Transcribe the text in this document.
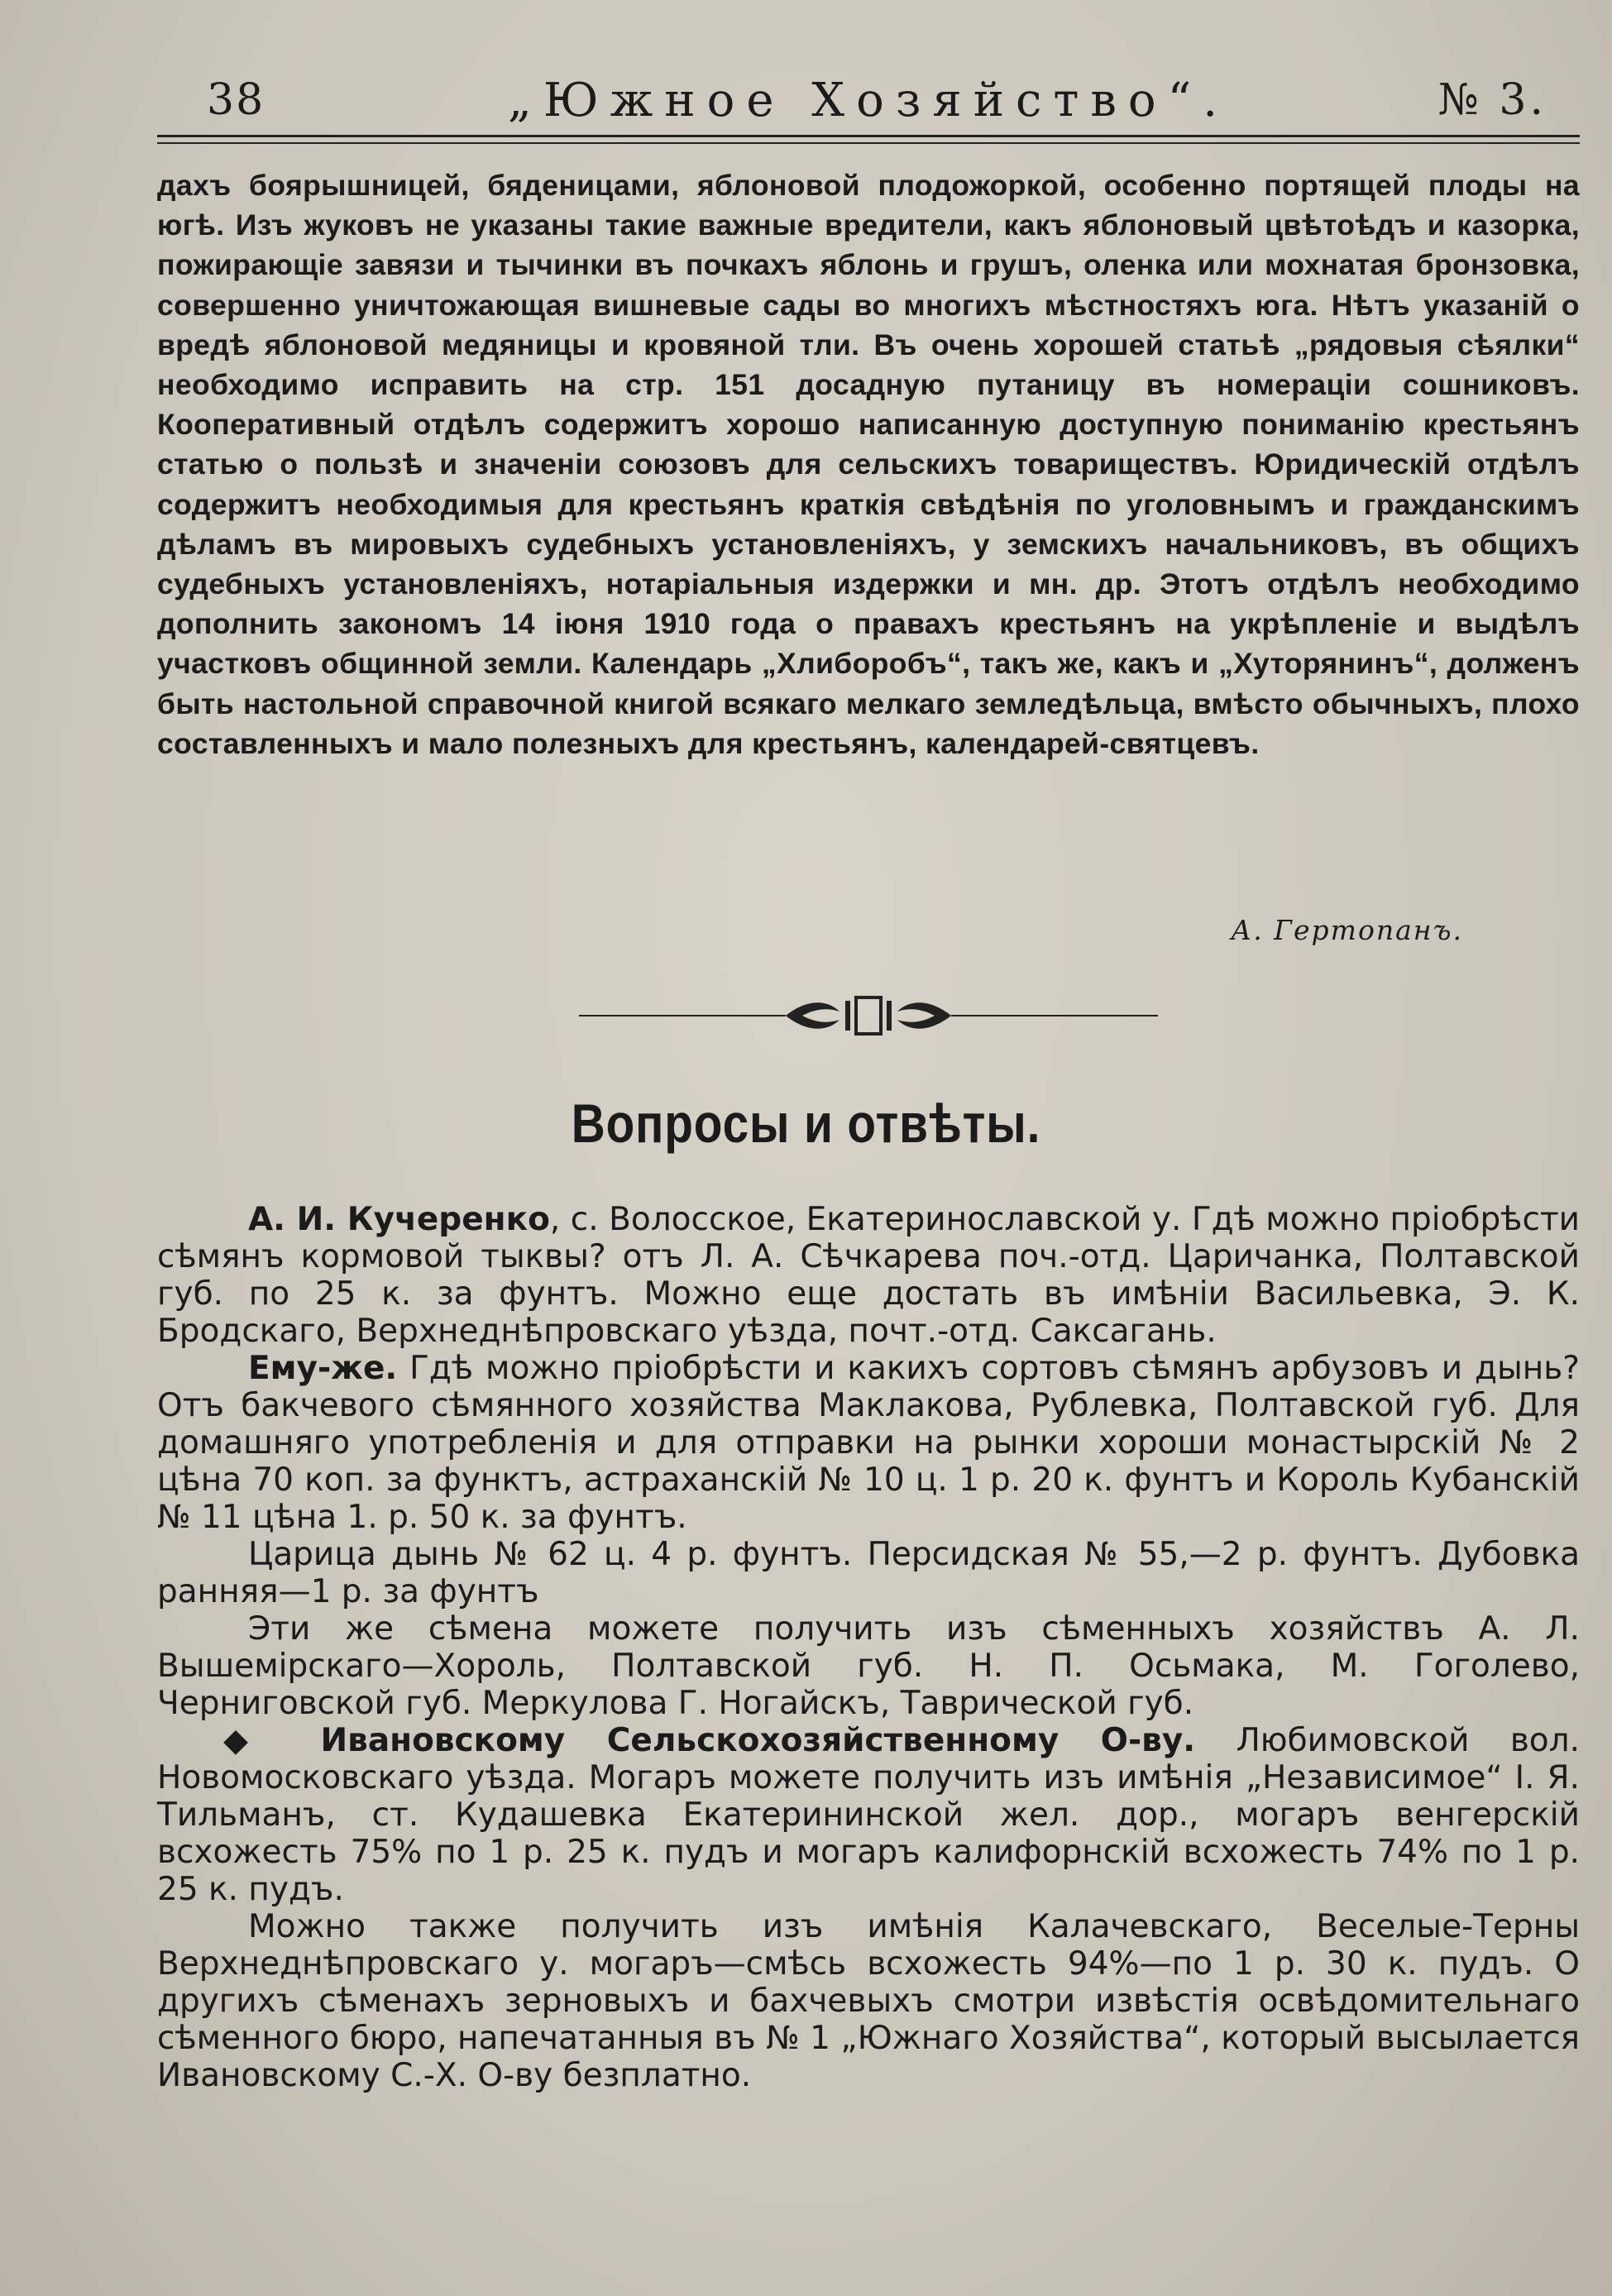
38	„Южное Хозяйство“.	№ 3.

дахъ боярышницей, бяденицами, яблоновой плодожоркой, особенно портящей плоды на югѣ. Изъ жуковъ не указаны такие важные вредители, какъ яблоновый цвѣтоѣдъ и казорка, пожирающіе завязи и тычинки въ почкахъ яблонь и грушъ, оленка или мохнатая бронзовка, совершенно уничтожающая вишневые сады во многихъ мѣстностяхъ юга. Нѣтъ указаній о вредѣ яблоновой медяницы и кровяной тли. Въ очень хорошей статьѣ „рядовыя сѣялки“ необходимо исправить на стр. 151 досадную путаницу въ номераціи сошниковъ. Кооперативный отдѣлъ содержитъ хорошо написанную доступную пониманію крестьянъ статью о пользѣ и значеніи союзовъ для сельскихъ товариществъ. Юридическій отдѣлъ содержитъ необходимыя для крестьянъ краткія свѣдѣнія по уголовнымъ и гражданскимъ дѣламъ въ мировыхъ судебныхъ установленіяхъ, у земскихъ начальниковъ, въ общихъ судебныхъ установленіяхъ, нотаріальныя издержки и мн. др. Этотъ отдѣлъ необходимо дополнить закономъ 14 іюня 1910 года о правахъ крестьянъ на укрѣпленіе и выдѣлъ участковъ общинной земли. Календарь „Хлиборобъ“, такъ же, какъ и „Хуторянинъ“, долженъ быть настольной справочной книгой всякаго мелкаго земледѣльца, вмѣсто обычныхъ, плохо составленныхъ и мало полезныхъ для крестьянъ, календарей-святцевъ.

А. Гертопанъ.
Вопросы и отвѣты.

А. И. Кучеренко, с. Волосское, Екатеринославской у. Гдѣ можно пріобрѣсти сѣмянъ кормовой тыквы? отъ Л. А. Сѣчкарева поч.-отд. Царичанка, Полтавской губ. по 25 к. за фунтъ. Можно еще достать въ имѣніи Васильевка, Э. К. Бродскаго, Верхнеднѣпровскаго уѣзда, почт.-отд. Саксагань.

Ему-же. Гдѣ можно пріобрѣсти и какихъ сортовъ сѣмянъ арбузовъ и дынь? Отъ бакчевого сѣмянного хозяйства Маклакова, Рублевка, Полтавской губ. Для домашняго употребленія и для отправки на рынки хороши монастырскій № 2 цѣна 70 коп. за функтъ, астраханскій № 10 ц. 1 р. 20 к. фунтъ и Король Кубанскій № 11 цѣна 1. р. 50 к. за фунтъ.

Царица дынь № 62 ц. 4 р. фунтъ. Персидская № 55,—2 р. фунтъ. Дубовка ранняя—1 р. за фунтъ

Эти же сѣмена можете получить изъ сѣменныхъ хозяйствъ А. Л. Вышемірскаго—Хороль, Полтавской губ. Н. П. Осьмака, М. Гоголево, Черниговской губ. Меркулова Г. Ногайскъ, Таврической губ.

◆ Ивановскому Сельскохозяйственному О-ву. Любимовской вол. Новомосковскаго уѣзда. Могаръ можете получить изъ имѣнія „Независимое“ I. Я. Тильманъ, ст. Кудашевка Екатерининской жел. дор., могаръ венгерскій всхожесть 75% по 1 р. 25 к. пудъ и могаръ калифорнскій всхожесть 74% по 1 р. 25 к. пудъ.

Можно также получить изъ имѣнія Калачевскаго, Веселые-Терны Верхнеднѣпровскаго у. могаръ—смѣсь всхожесть 94%—по 1 р. 30 к. пудъ. О другихъ сѣменахъ зерновыхъ и бахчевыхъ смотри извѣстія освѣдомительнаго сѣменного бюро, напечатанныя въ № 1 „Южнаго Хозяйства“, который высылается Ивановскому С.-Х. О-ву безплатно.
